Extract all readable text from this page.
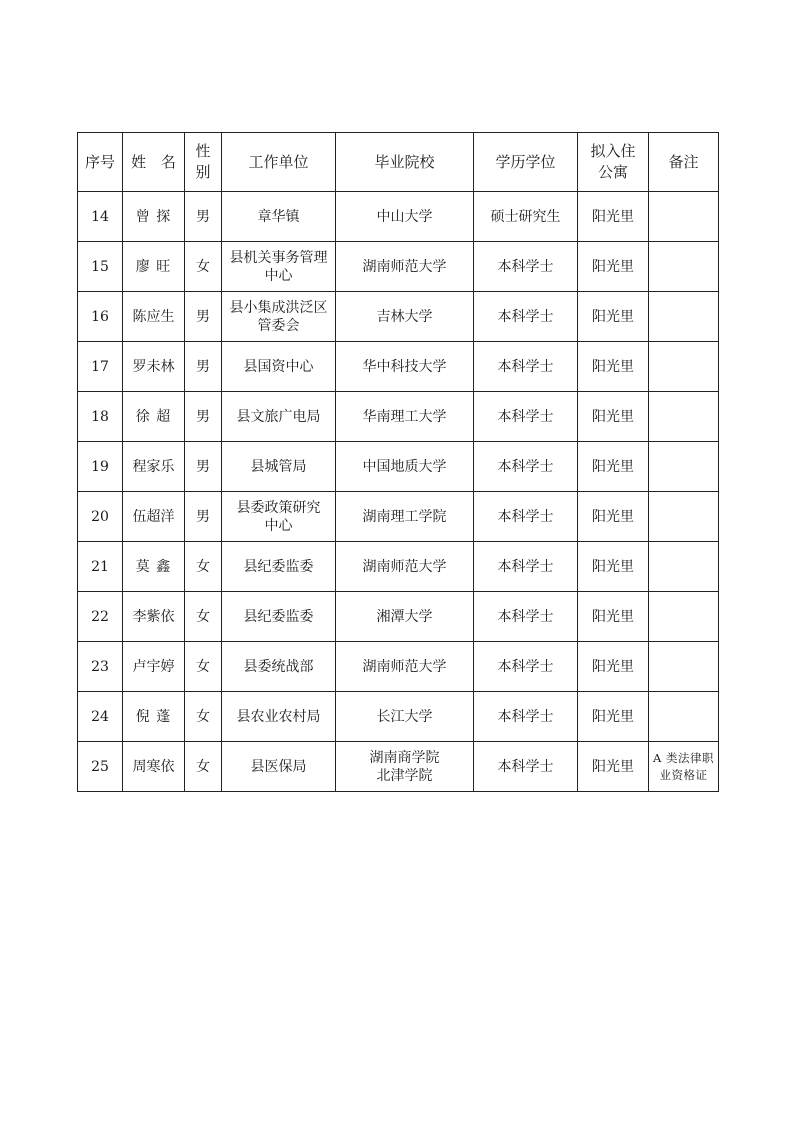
序号	姓 名	性
别	工作单位	毕业院校	学历学位	拟入住
公寓	备注
14	曾 探	男	章华镇	中山大学	硕士研究生	阳光里	

15	廖 旺	女	县机关事务管理
中心	湖南师范大学	本科学士	阳光里	

16	陈应生	男	县小集成洪泛区
管委会	吉林大学	本科学士	阳光里	

17	罗未林	男	县国资中心	华中科技大学	本科学士	阳光里	

18	徐 超	男	县文旅广电局	华南理工大学	本科学士	阳光里	

19	程家乐	男	县城管局	中国地质大学	本科学士	阳光里	

20	伍超洋	男	县委政策研究
中心	湖南理工学院	本科学士	阳光里	

21	莫 鑫	女	县纪委监委	湖南师范大学	本科学士	阳光里	

22	李紫依	女	县纪委监委	湘潭大学	本科学士	阳光里	

23	卢宇婷	女	县委统战部	湖南师范大学	本科学士	阳光里	

24	倪 蓬	女	县农业农村局	长江大学	本科学士	阳光里	

25	周寒依	女	县医保局	湖南商学院
北津学院	本科学士	阳光里	A 类法律职
业资格证
